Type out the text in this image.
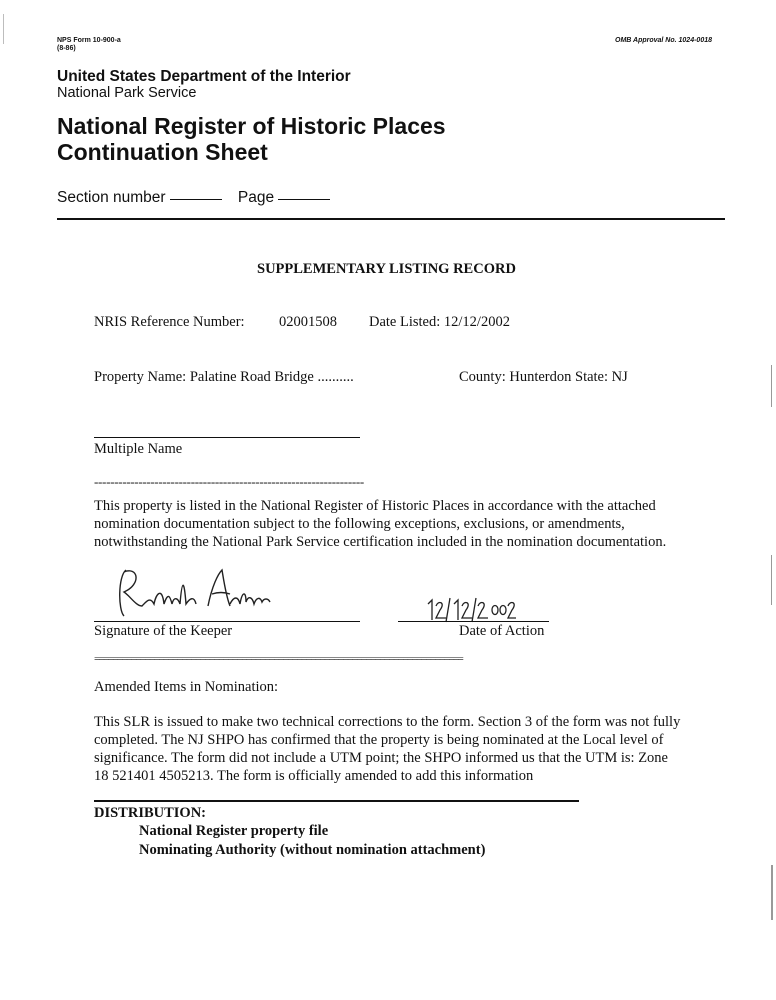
NPS Form 10-900-a
(8-86)
OMB Approval No. 1024-0018
United States Department of the Interior
National Park Service
National Register of Historic Places
Continuation Sheet
Section number	Page
SUPPLEMENTARY LISTING RECORD
NRIS Reference Number: 02001508 Date Listed: 12/12/2002
Property Name: Palatine Road Bridge ..........	County: Hunterdon State: NJ
Multiple Name
-------------------------------------------------------------------
This property is listed in the National Register of Historic Places in accordance with the attached nomination documentation subject to the following exceptions, exclusions, or amendments, notwithstanding the National Park Service certification included in the nomination documentation.
Signature of the Keeper	Date of Action
================================================================================
Amended Items in Nomination:
This SLR is issued to make two technical corrections to the form. Section 3 of the form was not fully completed. The NJ SHPO has confirmed that the property is being nominated at the Local level of significance. The form did not include a UTM point; the SHPO informed us that the UTM is: Zone 18 521401 4505213. The form is officially amended to add this information
DISTRIBUTION:
National Register property file
Nominating Authority (without nomination attachment)
